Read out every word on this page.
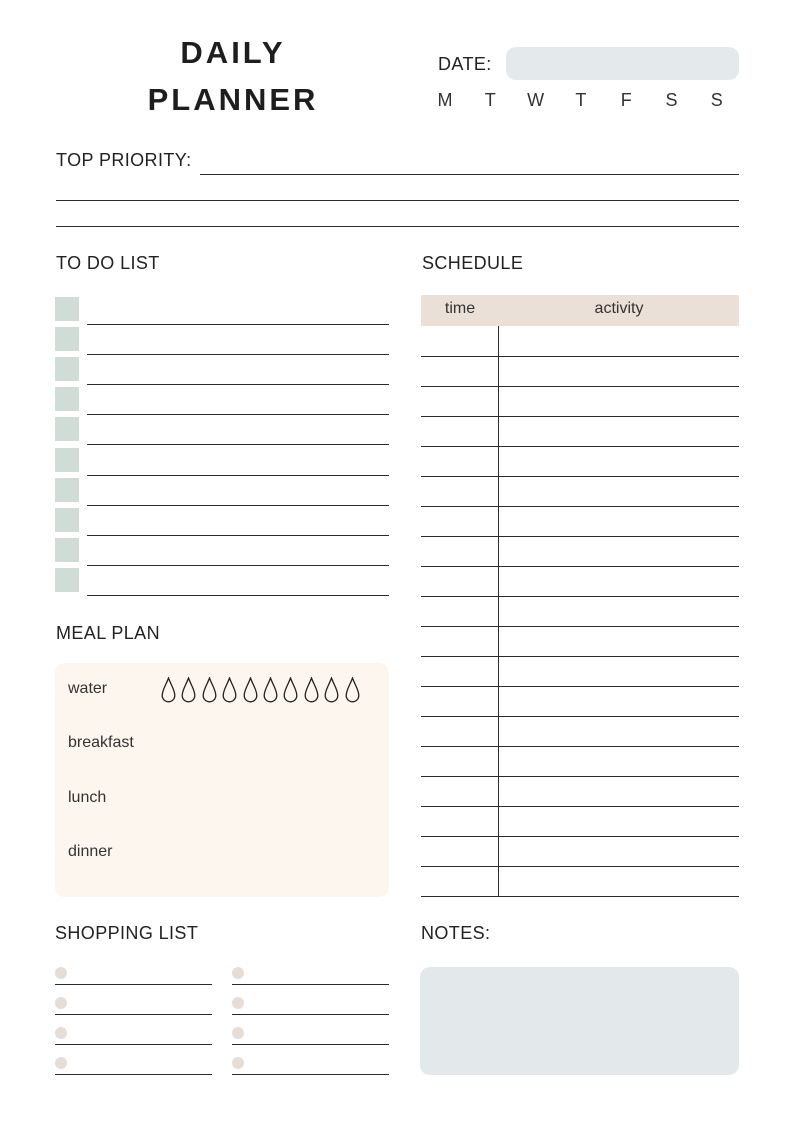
DAILY
PLANNER
DATE:
M	T	W	T	F	S	S
TOP PRIORITY:
TO DO LIST
MEAL PLAN
water
breakfast
lunch
dinner
SCHEDULE
time	activity
SHOPPING LIST	NOTES:
